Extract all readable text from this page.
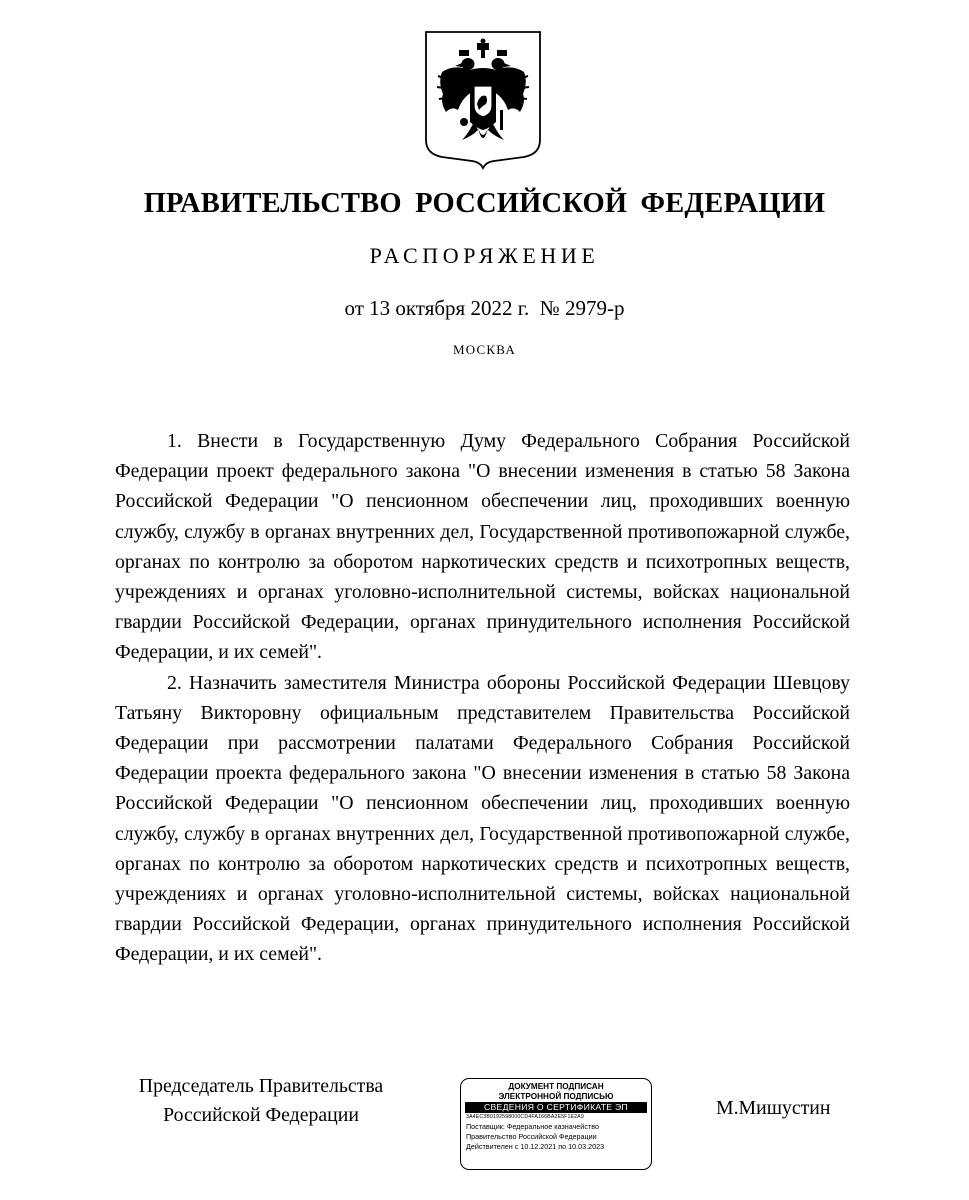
ПРАВИТЕЛЬСТВО РОССИЙСКОЙ ФЕДЕРАЦИИ
РАСПОРЯЖЕНИЕ
от 13 октября 2022 г.  № 2979-р
МОСКВА

1. Внести в Государственную Думу Федерального Собрания Российской Федерации проект федерального закона "О внесении изменения в статью 58 Закона Российской Федерации "О пенсионном обеспечении лиц, проходивших военную службу, службу в органах внутренних дел, Государственной противопожарной службе, органах по контролю за оборотом наркотических средств и психотропных веществ, учреждениях и органах уголовно-исполнительной системы, войсках национальной гвардии Российской Федерации, органах принудительного исполнения Российской Федерации, и их семей".

2. Назначить заместителя Министра обороны Российской Федерации Шевцову Татьяну Викторовну официальным представителем Правительства Российской Федерации при рассмотрении палатами Федерального Собрания Российской Федерации проекта федерального закона "О внесении изменения в статью 58 Закона Российской Федерации "О пенсионном обеспечении лиц, проходивших военную службу, службу в органах внутренних дел, Государственной противопожарной службе, органах по контролю за оборотом наркотических средств и психотропных веществ, учреждениях и органах уголовно-исполнительной системы, войсках национальной гвардии Российской Федерации, органах принудительного исполнения Российской Федерации, и их семей".

Председатель Правительства
Российской Федерации
ДОКУМЕНТ ПОДПИСАН
ЭЛЕКТРОННОЙ ПОДПИСЬЮ
СВЕДЕНИЯ О СЕРТИФИКАТЕ ЭП
3A4EC3B0192598000CD4FA166BA2E5F1E2A9
Поставщик: Федеральное казначейство
Правительство Российской Федерации
Действителен с 10.12.2021 по 10.03.2023
М.Мишустин
